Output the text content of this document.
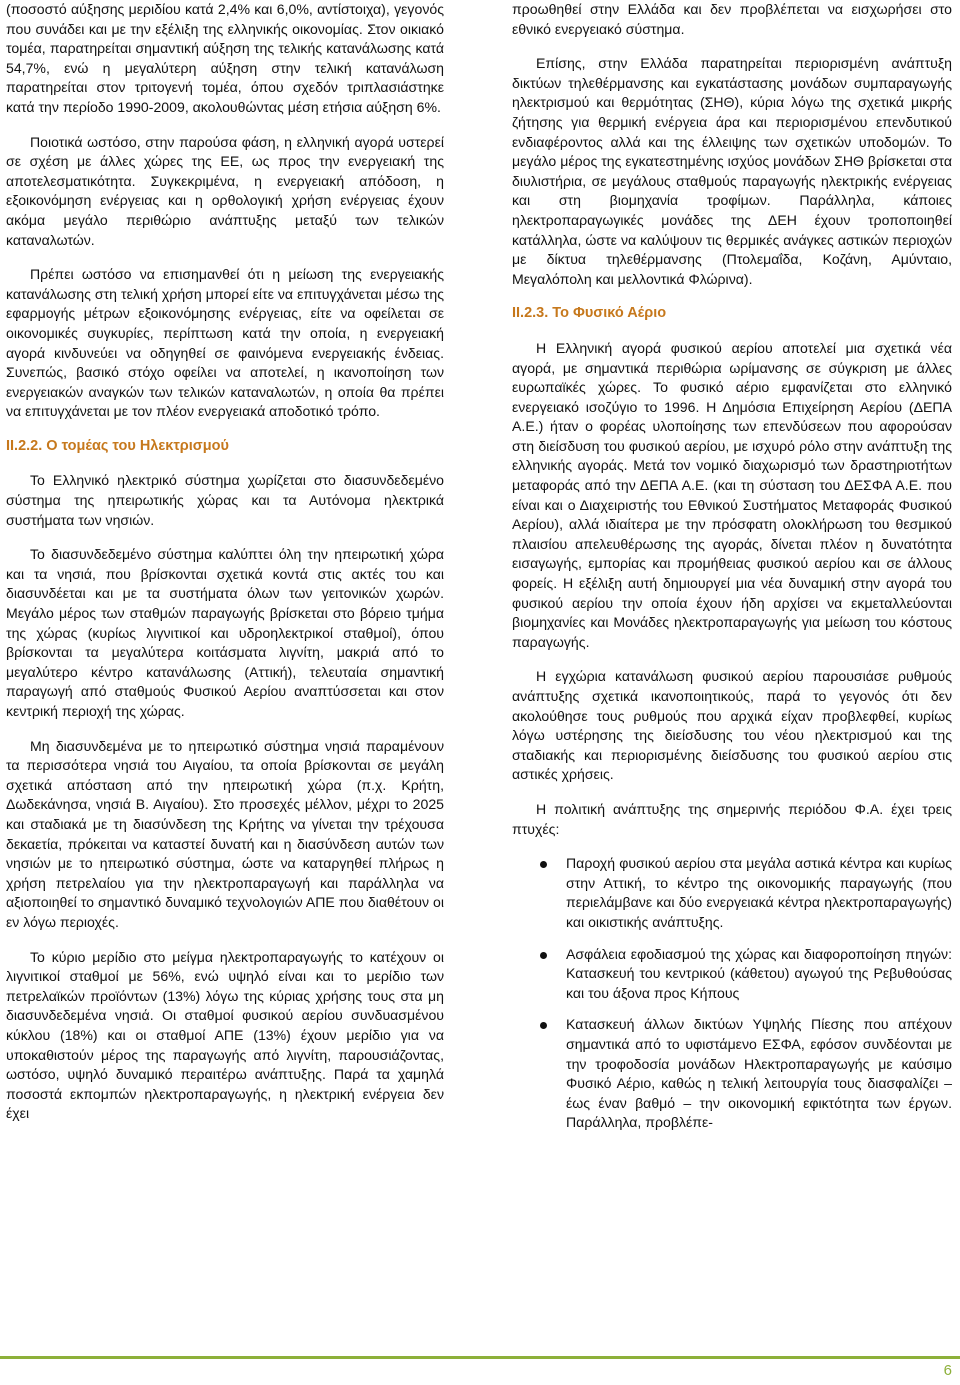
(ποσοστό αύξησης μεριδίου κατά 2,4% και 6,0%, αντίστοιχα), γεγονός που συνάδει και με την εξέλιξη της ελληνικής οικονομίας. Στον οικιακό τομέα, παρατηρείται σημαντική αύξηση της τελικής κατανάλωσης κατά 54,7%, ενώ η μεγαλύτερη αύξηση στην τελική κατανάλωση παρατηρείται στον τριτογενή τομέα, όπου σχεδόν τριπλασιάστηκε κατά την περίοδο 1990-2009, ακολουθώντας μέση ετήσια αύξηση 6%.

Ποιοτικά ωστόσο, στην παρούσα φάση, η ελληνική αγορά υστερεί σε σχέση με άλλες χώρες της ΕΕ, ως προς την ενεργειακή της αποτελεσματικότητα. Συγκεκριμένα, η ενεργειακή απόδοση, η εξοικονόμηση ενέργειας και η ορθολογική χρήση ενέργειας έχουν ακόμα μεγάλο περιθώριο ανάπτυξης μεταξύ των τελικών καταναλωτών.

Πρέπει ωστόσο να επισημανθεί ότι η μείωση της ενεργειακής κατανάλωσης στη τελική χρήση μπορεί είτε να επιτυγχάνεται μέσω της εφαρμογής μέτρων εξοικονόμησης ενέργειας, είτε να οφείλεται σε οικονομικές συγκυρίες, περίπτωση κατά την οποία, η ενεργειακή αγορά κινδυνεύει να οδηγηθεί σε φαινόμενα ενεργειακής ένδειας. Συνεπώς, βασικό στόχο οφείλει να αποτελεί, η ικανοποίηση των ενεργειακών αναγκών των τελικών καταναλωτών, η οποία θα πρέπει να επιτυγχάνεται με τον πλέον ενεργειακά αποδοτικό τρόπο.

ΙΙ.2.2. Ο τομέας του Ηλεκτρισμού

Το Ελληνικό ηλεκτρικό σύστημα χωρίζεται στο διασυνδεδεμένο σύστημα της ηπειρωτικής χώρας και τα Αυτόνομα ηλεκτρικά συστήματα των νησιών.

Το διασυνδεδεμένο σύστημα καλύπτει όλη την ηπειρωτική χώρα και τα νησιά, που βρίσκονται σχετικά κοντά στις ακτές του και διασυνδέεται και με τα συστήματα όλων των γειτονικών χωρών. Μεγάλο μέρος των σταθμών παραγωγής βρίσκεται στο βόρειο τμήμα της χώρας (κυρίως λιγνιτικοί και υδροηλεκτρικοί σταθμοί), όπου βρίσκονται τα μεγαλύτερα κοιτάσματα λιγνίτη, μακριά από το μεγαλύτερο κέντρο κατανάλωσης (Αττική), τελευταία σημαντική παραγωγή από σταθμούς Φυσικού Αερίου αναπτύσσεται και στον κεντρική περιοχή της χώρας.

Μη διασυνδεμένα με το ηπειρωτικό σύστημα νησιά παραμένουν τα περισσότερα νησιά του Αιγαίου, τα οποία βρίσκονται σε μεγάλη σχετικά απόσταση από την ηπειρωτική χώρα (π.χ. Κρήτη, Δωδεκάνησα, νησιά Β. Αιγαίου). Στο προσεχές μέλλον, μέχρι το 2025 και σταδιακά με τη διασύνδεση της Κρήτης να γίνεται την τρέχουσα δεκαετία, πρόκειται να καταστεί δυνατή και η διασύνδεση αυτών των νησιών με το ηπειρωτικό σύστημα, ώστε να καταργηθεί πλήρως η χρήση πετρελαίου για την ηλεκτροπαραγωγή και παράλληλα να αξιοποιηθεί το σημαντικό δυναμικό τεχνολογιών ΑΠΕ που διαθέτουν οι εν λόγω περιοχές.

Το κύριο μερίδιο στο μείγμα ηλεκτροπαραγωγής το κατέχουν οι λιγνιτικοί σταθμοί με 56%, ενώ υψηλό είναι και το μερίδιο των πετρελαϊκών προϊόντων (13%) λόγω της κύριας χρήσης τους στα μη διασυνδεδεμένα νησιά. Οι σταθμοί φυσικού αερίου συνδυασμένου κύκλου (18%) και οι σταθμοί ΑΠΕ (13%) έχουν μερίδιο για να υποκαθιστούν μέρος της παραγωγής από λιγνίτη, παρουσιάζοντας, ωστόσο, υψηλό δυναμικό περαιτέρω ανάπτυξης. Παρά τα χαμηλά ποσοστά εκπομπών ηλεκτροπαραγωγής, η ηλεκτρική ενέργεια δεν έχει

προωθηθεί στην Ελλάδα και δεν προβλέπεται να εισχωρήσει στο εθνικό ενεργειακό σύστημα.

Επίσης, στην Ελλάδα παρατηρείται περιορισμένη ανάπτυξη δικτύων τηλεθέρμανσης και εγκατάστασης μονάδων συμπαραγωγής ηλεκτρισμού και θερμότητας (ΣΗΘ), κύρια λόγω της σχετικά μικρής ζήτησης για θερμική ενέργεια άρα και περιορισμένου επενδυτικού ενδιαφέροντος αλλά και της έλλειψης των σχετικών υποδομών. Το μεγάλο μέρος της εγκατεστημένης ισχύος μονάδων ΣΗΘ βρίσκεται στα διυλιστήρια, σε μεγάλους σταθμούς παραγωγής ηλεκτρικής ενέργειας και στη βιομηχανία τροφίμων. Παράλληλα, κάποιες ηλεκτροπαραγωγικές μονάδες της ΔΕΗ έχουν τροποποιηθεί κατάλληλα, ώστε να καλύψουν τις θερμικές ανάγκες αστικών περιοχών με δίκτυα τηλεθέρμανσης (Πτολεμαΐδα, Κοζάνη, Αμύνταιο, Μεγαλόπολη και μελλοντικά Φλώρινα).

ΙΙ.2.3. Το Φυσικό Αέριο

Η Ελληνική αγορά φυσικού αερίου αποτελεί μια σχετικά νέα αγορά, με σημαντικά περιθώρια ωρίμανσης σε σύγκριση με άλλες ευρωπαϊκές χώρες. Το φυσικό αέριο εμφανίζεται στο ελληνικό ενεργειακό ισοζύγιο το 1996. Η Δημόσια Επιχείρηση Αερίου (ΔΕΠΑ Α.Ε.) ήταν ο φορέας υλοποίησης των επενδύσεων που αφορούσαν στη διείσδυση του φυσικού αερίου, με ισχυρό ρόλο στην ανάπτυξη της ελληνικής αγοράς. Μετά τον νομικό διαχωρισμό των δραστηριοτήτων μεταφοράς από την ΔΕΠΑ Α.Ε. (και τη σύσταση του ΔΕΣΦΑ Α.Ε. που είναι και ο Διαχειριστής του Εθνικού Συστήματος Μεταφοράς Φυσικού Αερίου), αλλά ιδιαίτερα με την πρόσφατη ολοκλήρωση του θεσμικού πλαισίου απελευθέρωσης της αγοράς, δίνεται πλέον η δυνατότητα εισαγωγής, εμπορίας και προμήθειας φυσικού αερίου και σε άλλους φορείς. Η εξέλιξη αυτή δημιουργεί μια νέα δυναμική στην αγορά του φυσικού αερίου την οποία έχουν ήδη αρχίσει να εκμεταλλεύονται βιομηχανίες και Μονάδες ηλεκτροπαραγωγής για μείωση του κόστους παραγωγής.

Η εγχώρια κατανάλωση φυσικού αερίου παρουσιάσε ρυθμούς ανάπτυξης σχετικά ικανοποιητικούς, παρά το γεγονός ότι δεν ακολούθησε τους ρυθμούς που αρχικά είχαν προβλεφθεί, κυρίως λόγω υστέρησης της διείσδυσης του νέου ηλεκτρισμού και της σταδιακής και περιορισμένης διείσδυσης του φυσικού αερίου στις αστικές χρήσεις.

Η πολιτική ανάπτυξης της σημερινής περιόδου Φ.Α. έχει τρεις πτυχές:

Παροχή φυσικού αερίου στα μεγάλα αστικά κέντρα και κυρίως στην Αττική, το κέντρο της οικονομικής παραγωγής (που περιελάμβανε και δύο ενεργειακά κέντρα ηλεκτροπαραγωγής) και οικιστικής ανάπτυξης.
Ασφάλεια εφοδιασμού της χώρας και διαφοροποίηση πηγών: Κατασκευή του κεντρικού (κάθετου) αγωγού της Ρεβυθούσας και του άξονα προς Κήπους
Κατασκευή άλλων δικτύων Υψηλής Πίεσης που απέχουν σημαντικά από το υφιστάμενο ΕΣΦΑ, εφόσον συνδέονται με την τροφοδοσία μονάδων Ηλεκτροπαραγωγής με καύσιμο Φυσικό Αέριο, καθώς η τελική λειτουργία τους διασφαλίζει – έως έναν βαθμό – την οικονομική εφικτότητα των έργων. Παράλληλα, προβλέπε-
6
